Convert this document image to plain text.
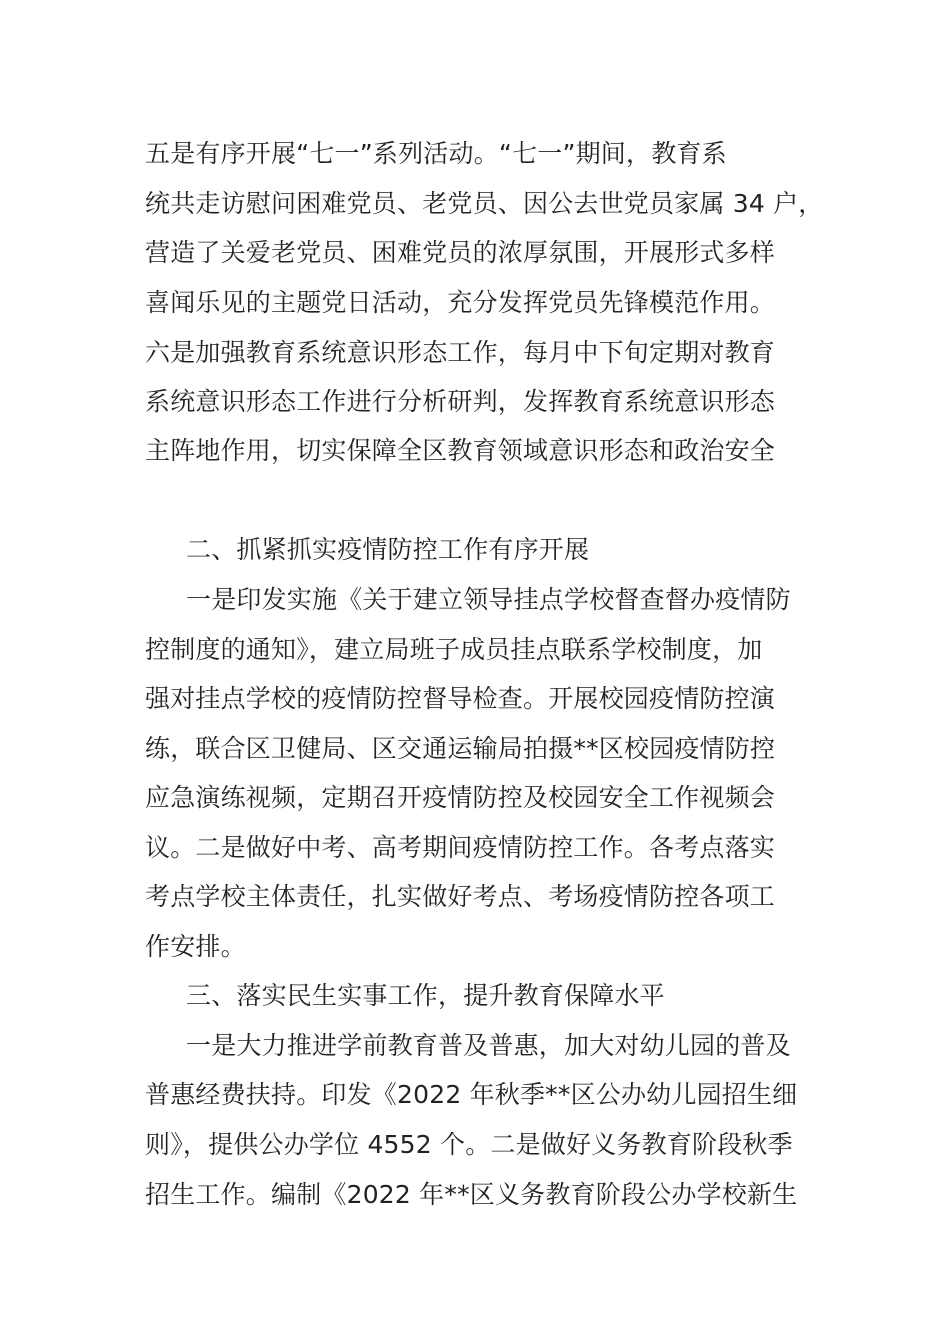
五是有序开展“七一”系列活动。“七一”期间，教育系
统共走访慰问困难党员、老党员、因公去世党员家属 34 户，
营造了关爱老党员、困难党员的浓厚氛围，开展形式多样
喜闻乐见的主题党日活动，充分发挥党员先锋模范作用。
六是加强教育系统意识形态工作，每月中下旬定期对教育
系统意识形态工作进行分析研判，发挥教育系统意识形态
主阵地作用，切实保障全区教育领域意识形态和政治安全
二、抓紧抓实疫情防控工作有序开展
一是印发实施《关于建立领导挂点学校督查督办疫情防
控制度的通知》，建立局班子成员挂点联系学校制度，加
强对挂点学校的疫情防控督导检查。开展校园疫情防控演
练，联合区卫健局、区交通运输局拍摄**区校园疫情防控
应急演练视频，定期召开疫情防控及校园安全工作视频会
议。二是做好中考、高考期间疫情防控工作。各考点落实
考点学校主体责任，扎实做好考点、考场疫情防控各项工
作安排。
三、落实民生实事工作，提升教育保障水平
一是大力推进学前教育普及普惠，加大对幼儿园的普及
普惠经费扶持。印发《2022 年秋季**区公办幼儿园招生细
则》，提供公办学位 4552 个。二是做好义务教育阶段秋季
招生工作。编制《2022 年**区义务教育阶段公办学校新生
